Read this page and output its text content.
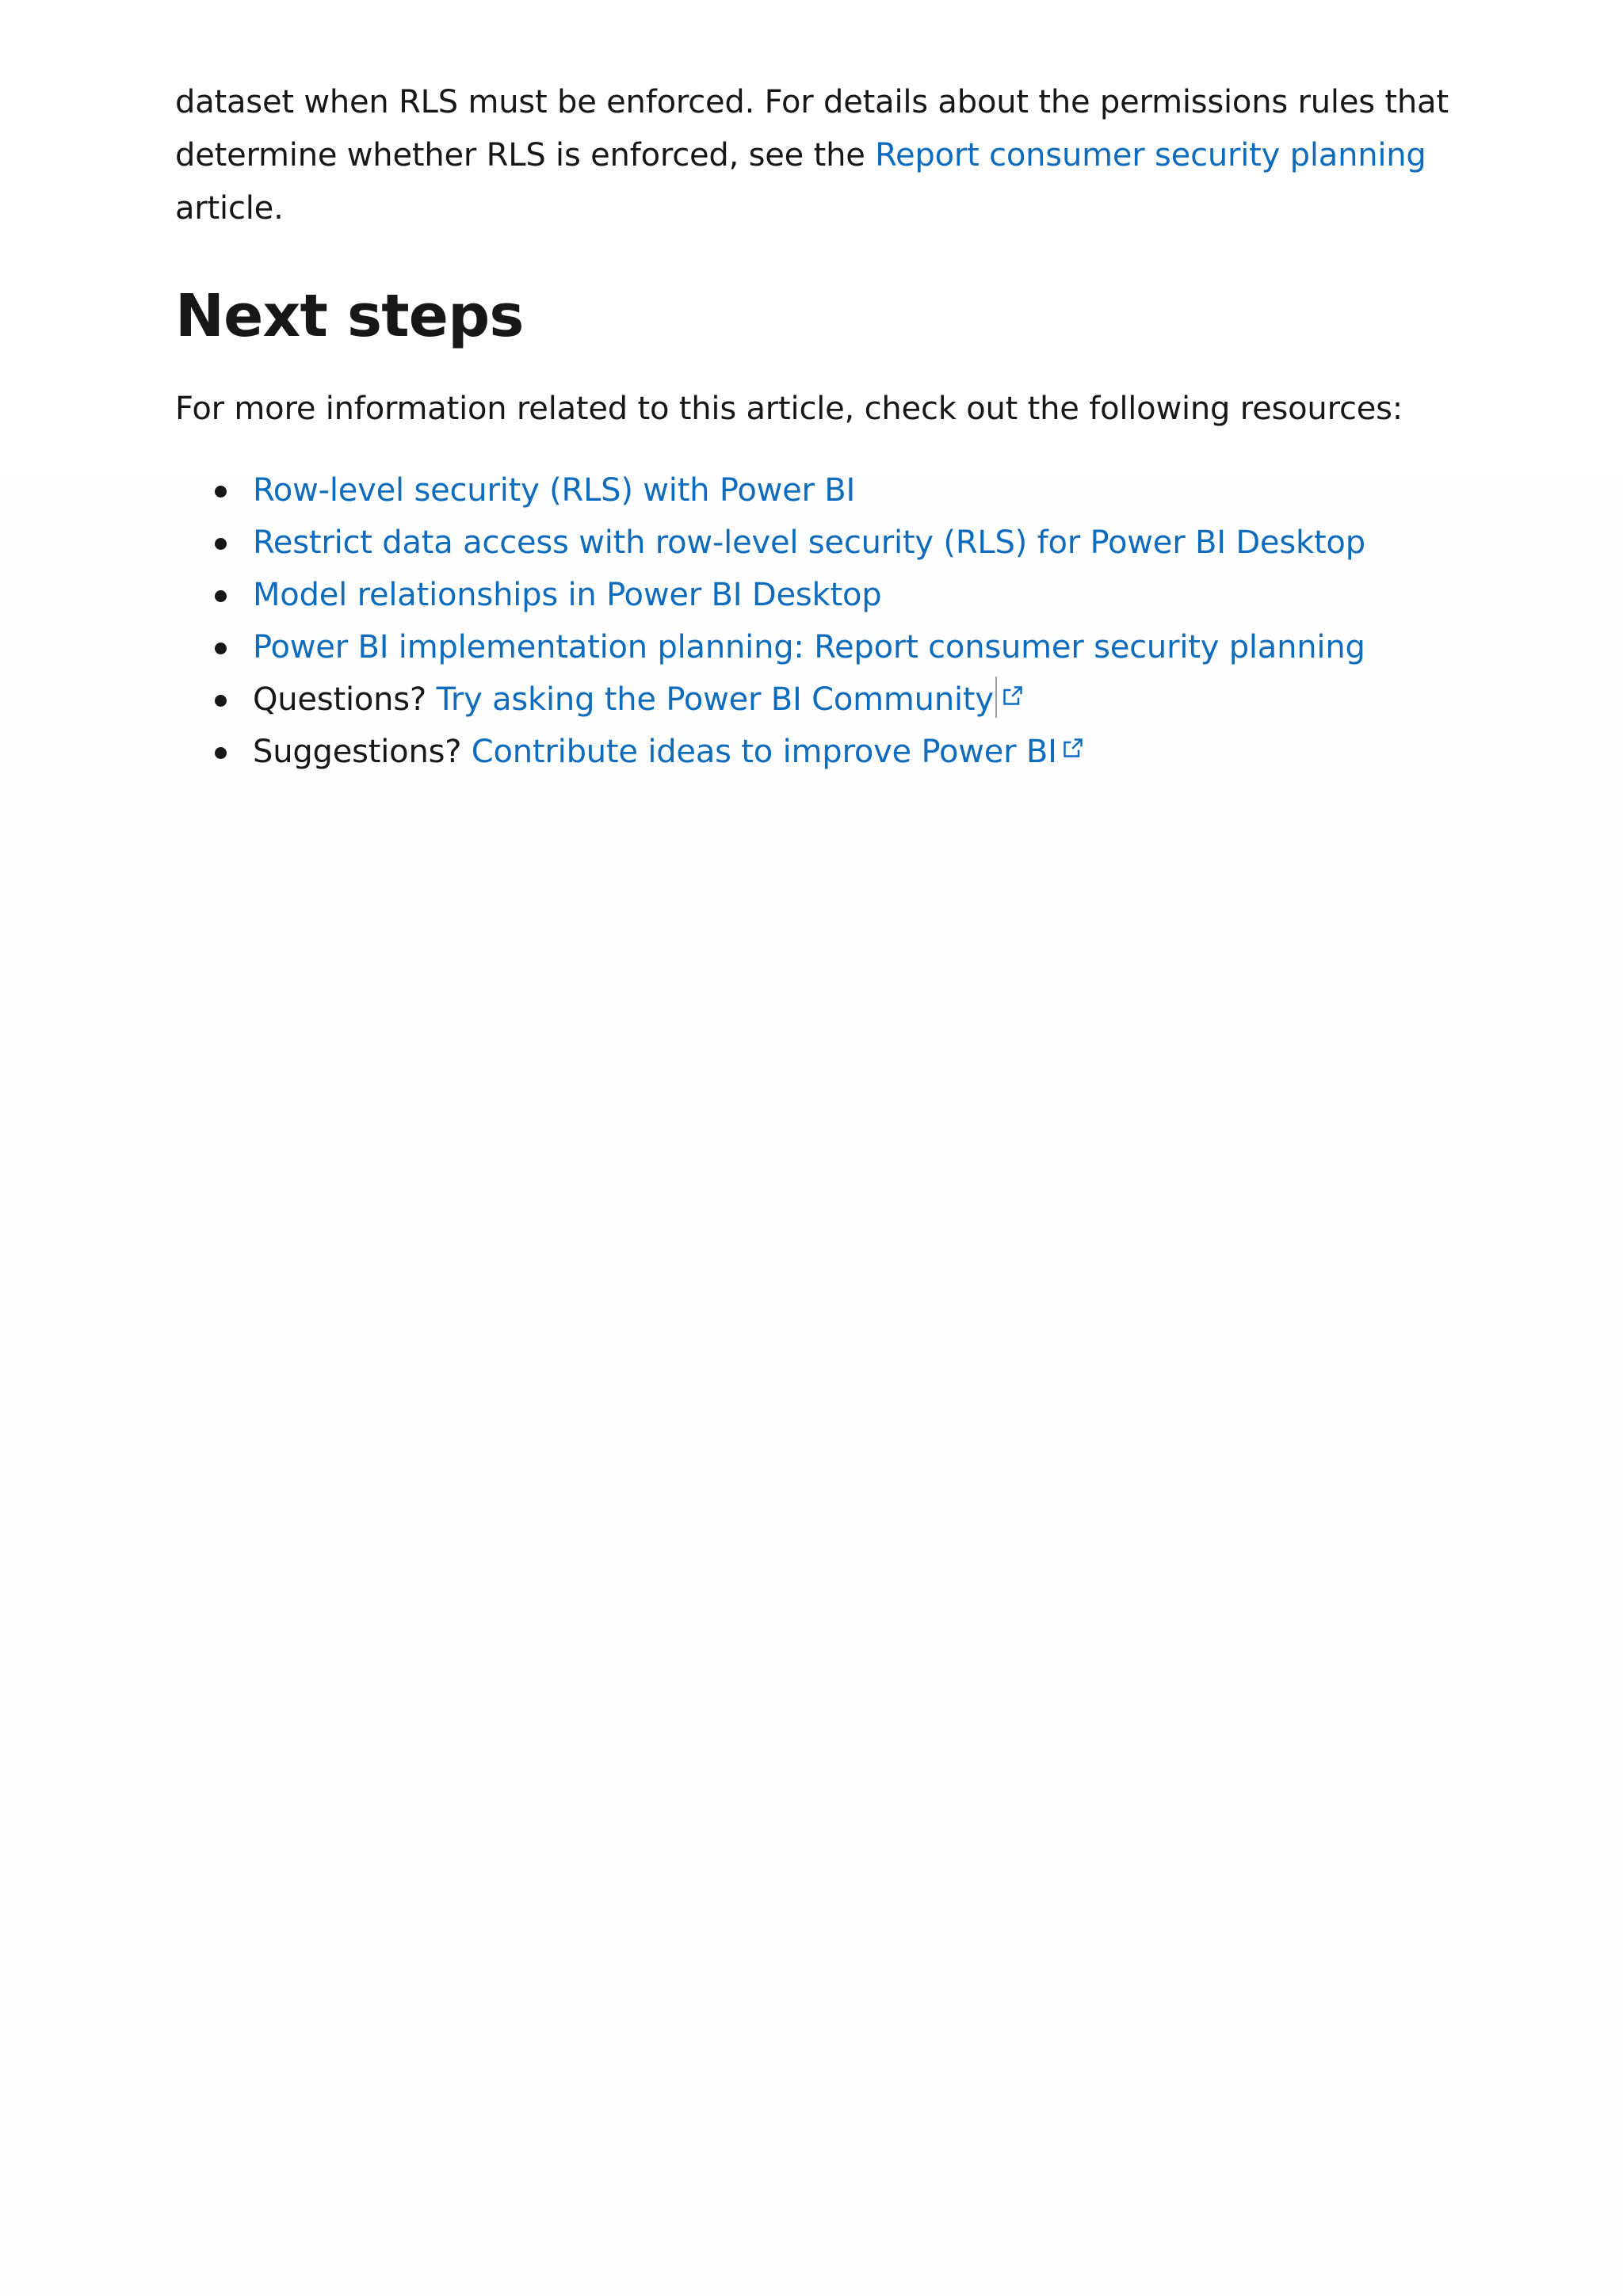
dataset when RLS must be enforced. For details about the permissions rules that
determine whether RLS is enforced, see the Report consumer security planning article.

Next steps

For more information related to this article, check out the following resources:

Row-level security (RLS) with Power BI
Restrict data access with row-level security (RLS) for Power BI Desktop
Model relationships in Power BI Desktop
Power BI implementation planning: Report consumer security planning
Questions? Try asking the Power BI Community
Suggestions? Contribute ideas to improve Power BI
